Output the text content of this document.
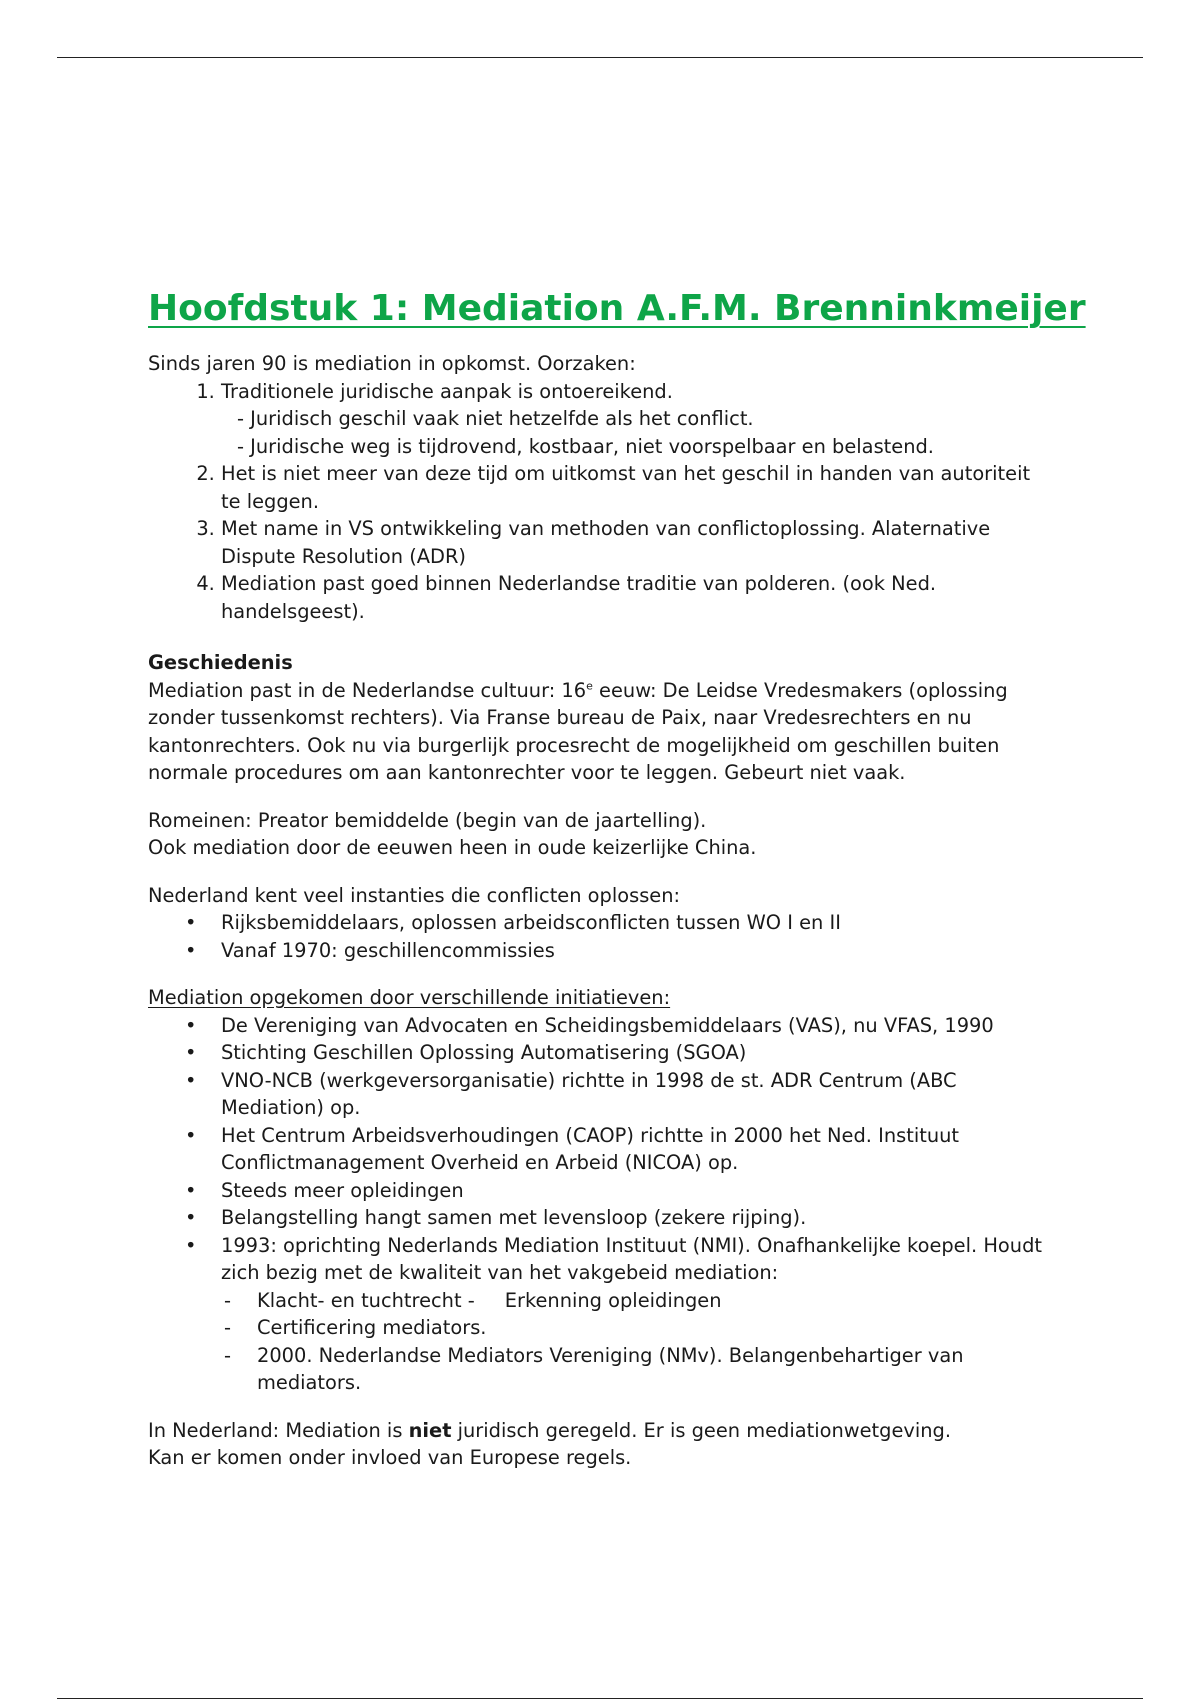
Hoofdstuk 1: Mediation A.F.M. Brenninkmeijer

Sinds jaren 90 is mediation in opkomst. Oorzaken:

1. Traditionele juridische aanpak is ontoereikend.
- Juridisch geschil vaak niet hetzelfde als het conflict.
- Juridische weg is tijdrovend, kostbaar, niet voorspelbaar en belastend.
2. Het is niet meer van deze tijd om uitkomst van het geschil in handen van autoriteit te leggen.
3. Met name in VS ontwikkeling van methoden van conflictoplossing. Alaternative Dispute Resolution (ADR)
4. Mediation past goed binnen Nederlandse traditie van polderen. (ook Ned. handelsgeest).

Geschiedenis

Mediation past in de Nederlandse cultuur: 16e eeuw: De Leidse Vredesmakers (oplossing zonder tussenkomst rechters). Via Franse bureau de Paix, naar Vredesrechters en nu kantonrechters. Ook nu via burgerlijk procesrecht de mogelijkheid om geschillen buiten normale procedures om aan kantonrechter voor te leggen. Gebeurt niet vaak.

Romeinen: Preator bemiddelde (begin van de jaartelling).

Ook mediation door de eeuwen heen in oude keizerlijke China.

Nederland kent veel instanties die conflicten oplossen:

• Rijksbemiddelaars, oplossen arbeidsconflicten tussen WO I en II
• Vanaf 1970: geschillencommissies

Mediation opgekomen door verschillende initiatieven:

• De Vereniging van Advocaten en Scheidingsbemiddelaars (VAS), nu VFAS, 1990
• Stichting Geschillen Oplossing Automatisering (SGOA)
• VNO-NCB (werkgeversorganisatie) richtte in 1998 de st. ADR Centrum (ABC Mediation) op.
• Het Centrum Arbeidsverhoudingen (CAOP) richtte in 2000 het Ned. Instituut Conflictmanagement Overheid en Arbeid (NICOA) op.
• Steeds meer opleidingen
• Belangstelling hangt samen met levensloop (zekere rijping).
• 1993: oprichting Nederlands Mediation Instituut (NMI). Onafhankelijke koepel. Houdt zich bezig met de kwaliteit van het vakgebeid mediation:
- Klacht- en tuchtrecht - Erkenning opleidingen
- Certificering mediators.
- 2000. Nederlandse Mediators Vereniging (NMv). Belangenbehartiger van mediators.

In Nederland: Mediation is niet juridisch geregeld. Er is geen mediationwetgeving.

Kan er komen onder invloed van Europese regels.
